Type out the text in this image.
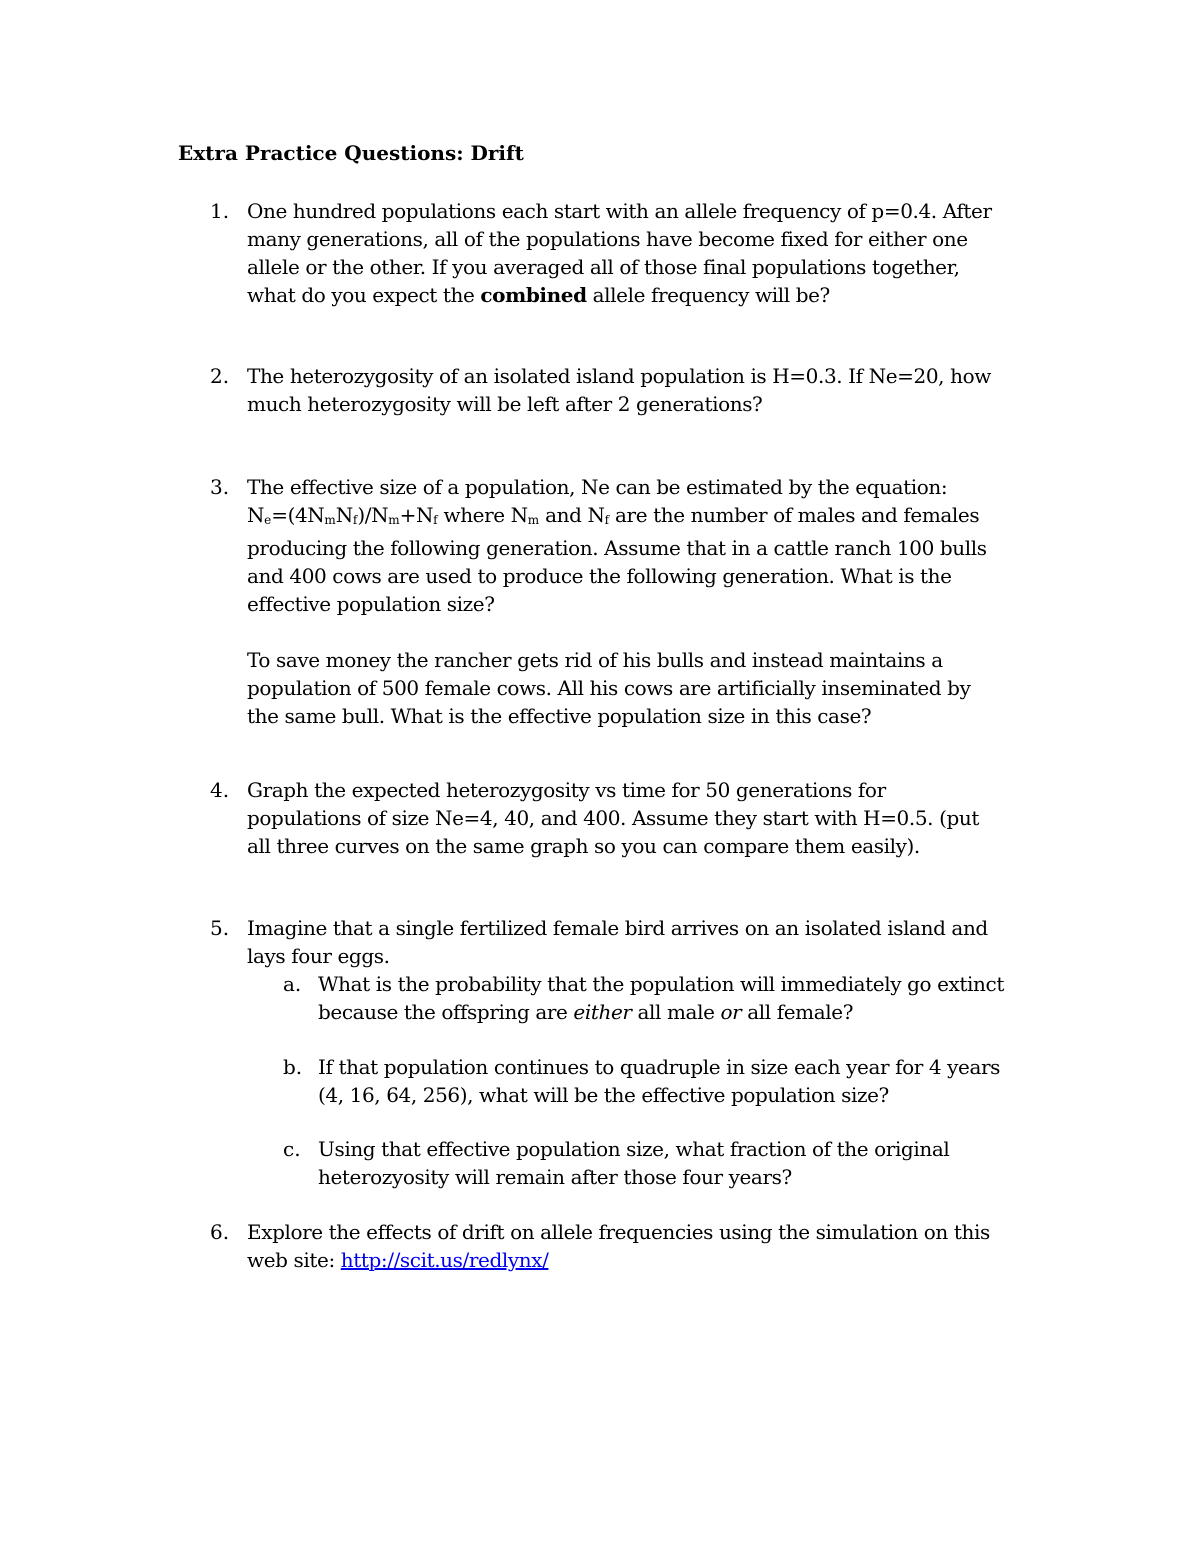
Extra Practice Questions: Drift
1. One hundred populations each start with an allele frequency of p=0.4. After
many generations, all of the populations have become fixed for either one
allele or the other. If you averaged all of those final populations together,
what do you expect the combined allele frequency will be?
2. The heterozygosity of an isolated island population is H=0.3. If Ne=20, how
much heterozygosity will be left after 2 generations?
3. The effective size of a population, Ne can be estimated by the equation:
$N_e=(4N_mN_f)/N_m+N_f$ where $N_m$ and $N_f$ are the number of males and females
producing the following generation. Assume that in a cattle ranch 100 bulls
and 400 cows are used to produce the following generation. What is the
effective population size?

To save money the rancher gets rid of his bulls and instead maintains a
population of 500 female cows. All his cows are artificially inseminated by
the same bull. What is the effective population size in this case?
4. Graph the expected heterozygosity vs time for 50 generations for
populations of size Ne=4, 40, and 400. Assume they start with H=0.5. (put
all three curves on the same graph so you can compare them easily).
5. Imagine that a single fertilized female bird arrives on an isolated island and
lays four eggs.
a. What is the probability that the population will immediately go extinct
because the offspring are either all male or all female?
b. If that population continues to quadruple in size each year for 4 years
(4, 16, 64, 256), what will be the effective population size?
c. Using that effective population size, what fraction of the original
heterozyosity will remain after those four years?
6. Explore the effects of drift on allele frequencies using the simulation on this
web site: http://scit.us/redlynx/
